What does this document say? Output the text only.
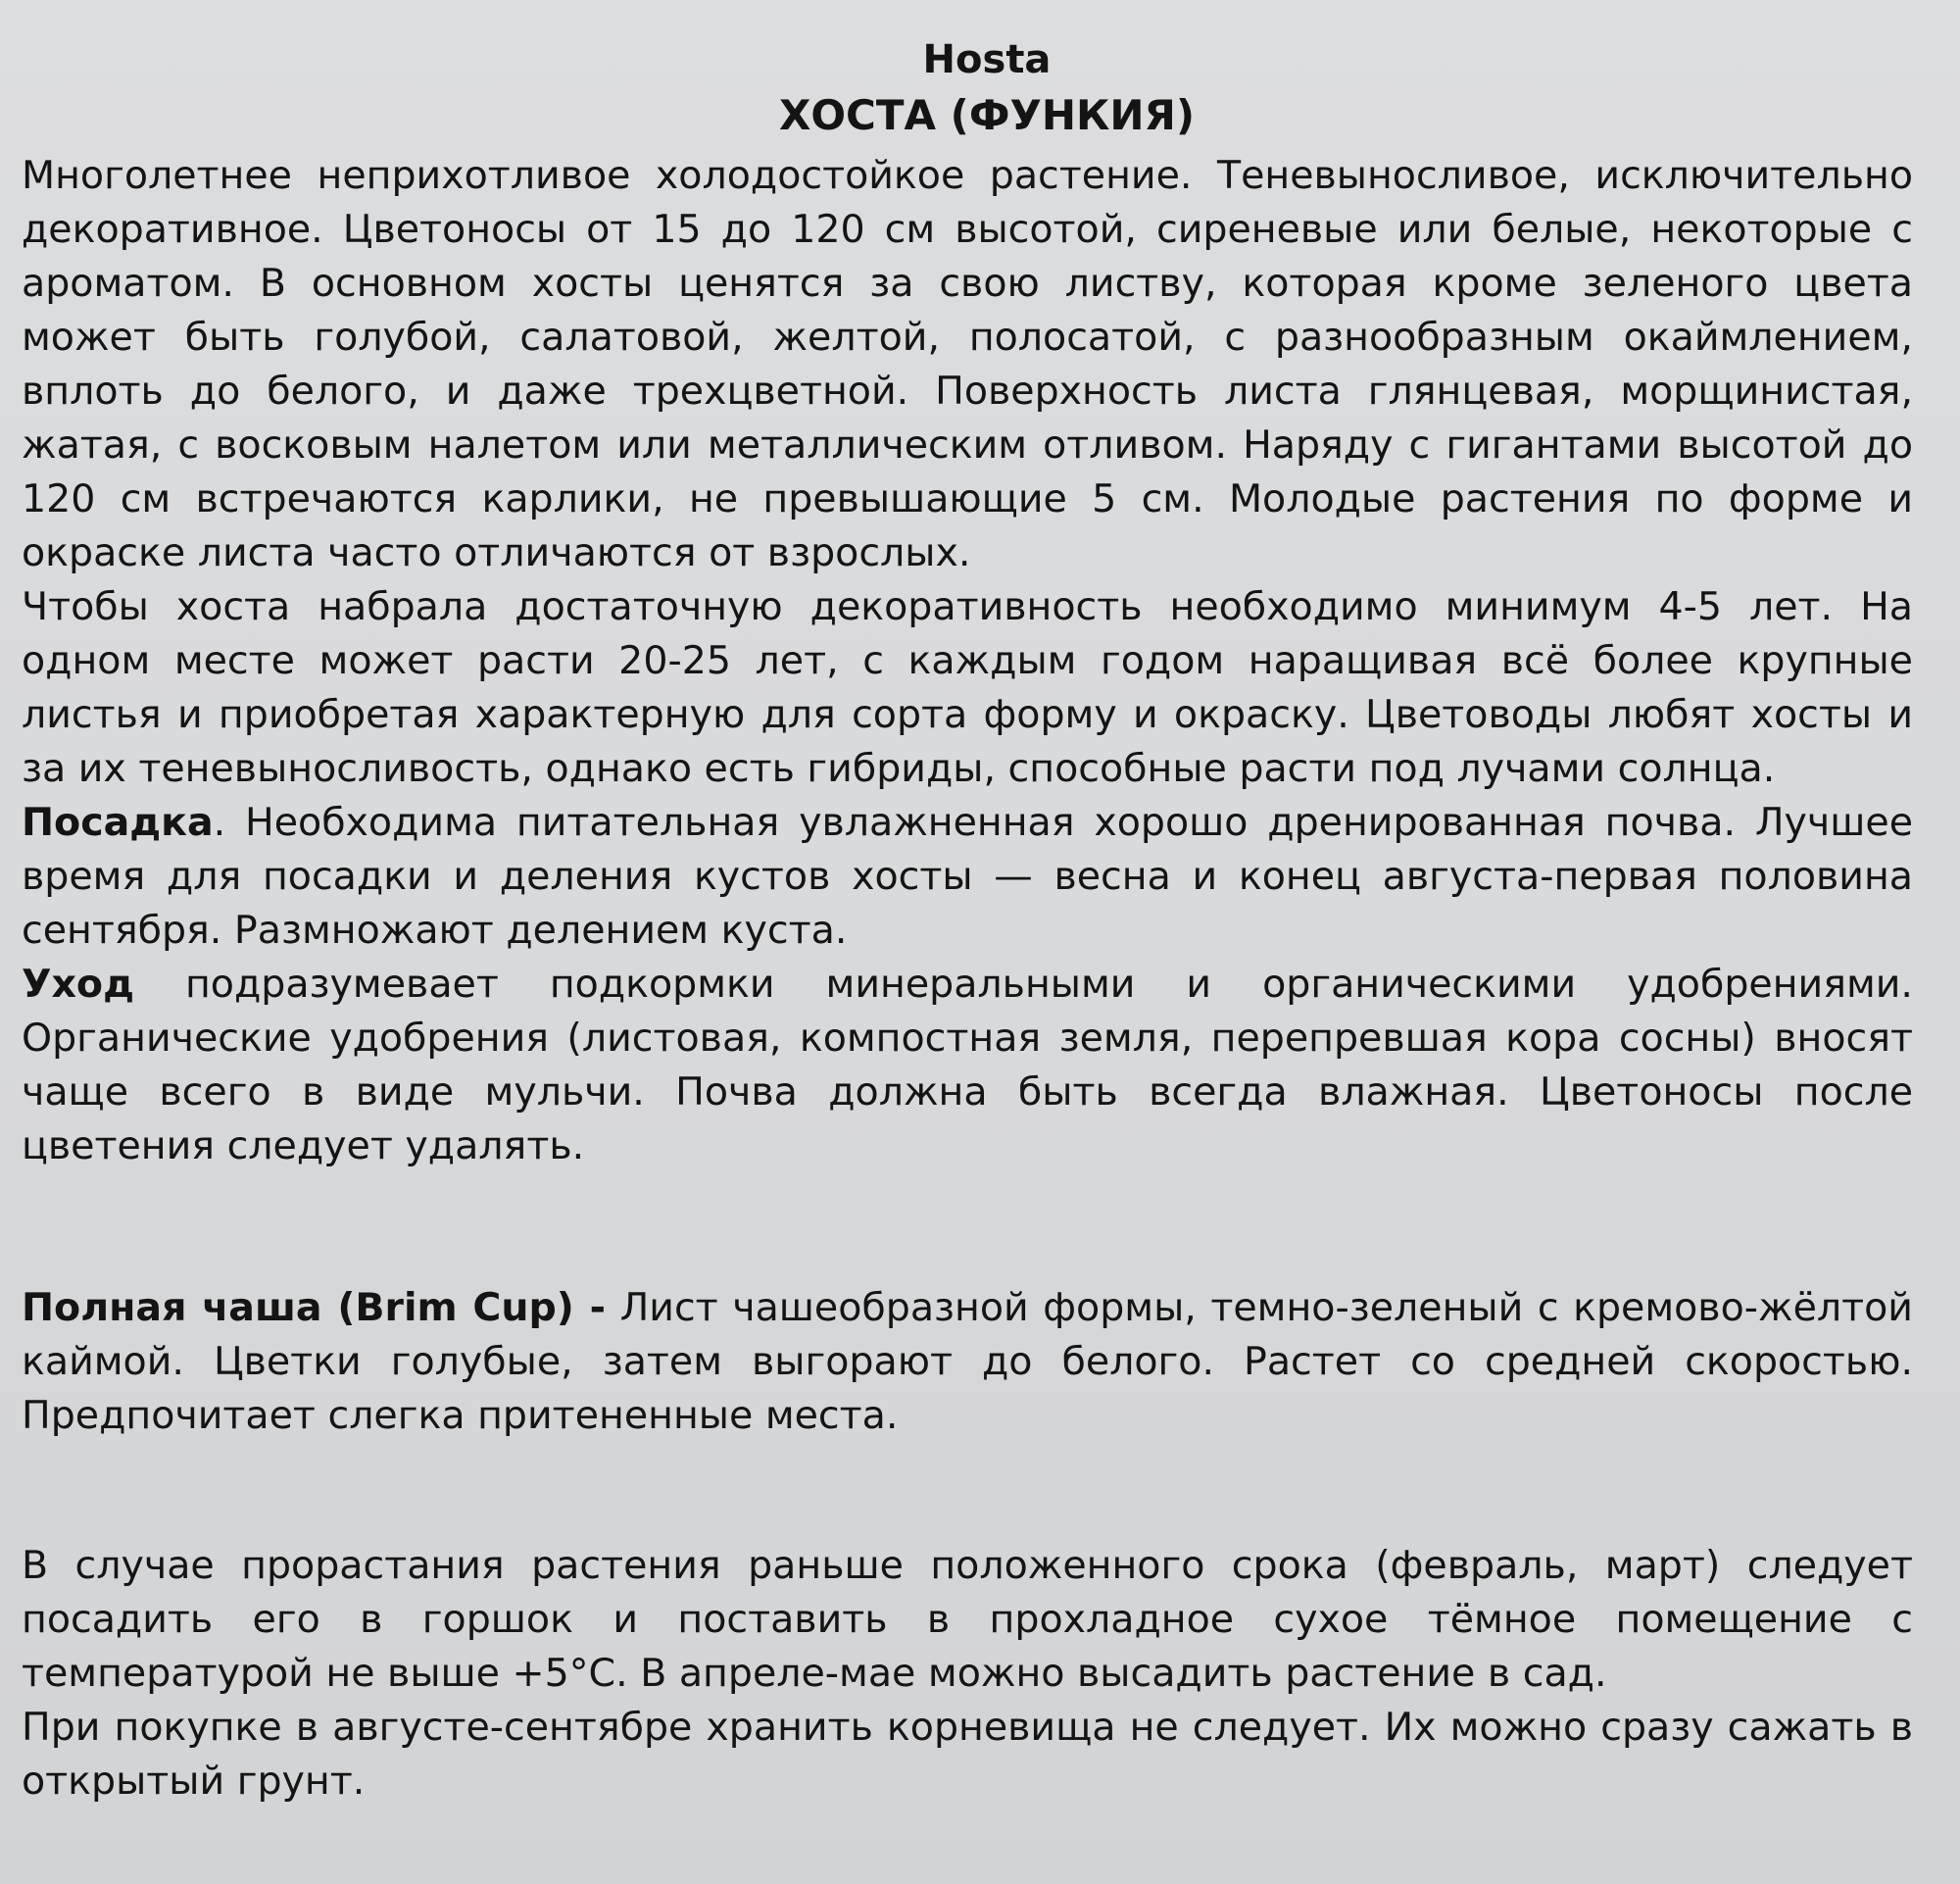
Hosta
ХОСТА (ФУНКИЯ)

Многолетнее неприхотливое холодостойкое растение. Теневыносливое, исключительно декоративное. Цветоносы от 15 до 120 см высотой, сиреневые или белые, некоторые с ароматом. В основном хосты ценятся за свою листву, которая кроме зеленого цвета может быть голубой, салатовой, желтой, полосатой, с разнообразным окаймлением, вплоть до белого, и даже трехцветной. Поверхность листа глянцевая, морщинистая, жатая, с восковым налетом или металлическим отливом. Наряду с гигантами высотой до 120 см встречаются карлики, не превышающие 5 см. Молодые растения по форме и окраске листа часто отличаются от взрослых.

Чтобы хоста набрала достаточную декоративность необходимо минимум 4-5 лет. На одном месте может расти 20-25 лет, с каждым годом наращивая всё более крупные листья и приобретая характерную для сорта форму и окраску. Цветоводы любят хосты и за их теневыносливость, однако есть гибриды, способные расти под лучами солнца.

Посадка. Необходима питательная увлажненная хорошо дренированная почва. Лучшее время для посадки и деления кустов хосты — весна и конец августа-первая половина сентября. Размножают делением куста.

Уход подразумевает подкормки минеральными и органическими удобрениями. Органические удобрения (листовая, компостная земля, перепревшая кора сосны) вносят чаще всего в виде мульчи. Почва должна быть всегда влажная. Цветоносы после цветения следует удалять.

Полная чаша (Brim Cup) - Лист чашеобразной формы, темно-зеленый с кремово-жёлтой каймой. Цветки голубые, затем выгорают до белого. Растет со средней скоростью. Предпочитает слегка притененные места.

В случае прорастания растения раньше положенного срока (февраль, март) следует посадить его в горшок и поставить в прохладное сухое тёмное помещение с температурой не выше +5°С. В апреле-мае можно высадить растение в сад.

При покупке в августе-сентябре хранить корневища не следует. Их можно сразу сажать в открытый грунт.
